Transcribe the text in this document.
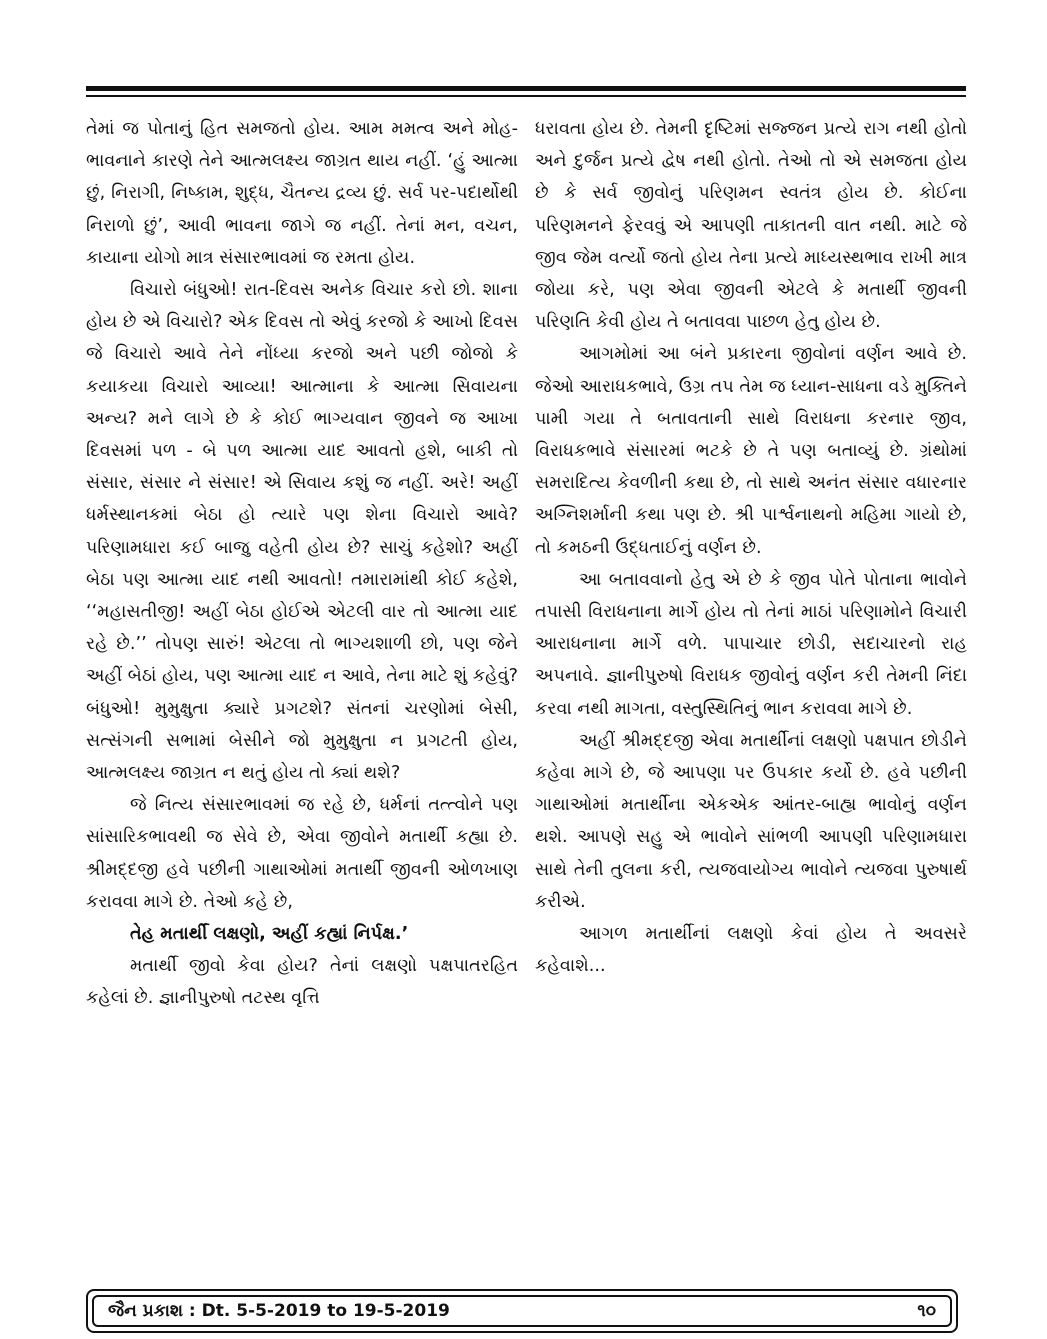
તેમાં જ પોતાનું હિત સમજતો હોય. આમ મમત્વ અને મોહ-ભાવનાને કારણે તેને આત્મલક્ષ્ય જાગ્રત થાય નહીં. ‘હું આત્મા છું, નિરાગી, નિષ્કામ, શુદ્ધ, ચૈતન્ય દ્રવ્ય છું. સર્વ પર-પદાર્થોથી નિરાળો છું’, આવી ભાવના જાગે જ નહીં. તેનાં મન, વચન, કાયાના યોગો માત્ર સંસારભાવમાં જ રમતા હોય.

વિચારો બંધુઓ! રાત-દિવસ અનેક વિચાર કરો છો. શાના હોય છે એ વિચારો? એક દિવસ તો એવું કરજો કે આખો દિવસ જે વિચારો આવે તેને નોંધ્યા કરજો અને પછી જોજો કે કયાકયા વિચારો આવ્યા! આત્માના કે આત્મા સિવાયના અન્ય? મને લાગે છે કે કોઈ ભાગ્યવાન જીવને જ આખા દિવસમાં પળ - બે પળ આત્મા યાદ આવતો હશે, બાકી તો સંસાર, સંસાર ને સંસાર! એ સિવાય કશું જ નહીં. અરે! અહીં ધર્મસ્થાનકમાં બેઠા હો ત્યારે પણ શેના વિચારો આવે? પરિણામધારા કઈ બાજુ વહેતી હોય છે? સાચું કહેશો? અહીં બેઠા પણ આત્મા યાદ નથી આવતો! તમારામાંથી કોઈ કહેશે, ‘‘મહાસતીજી! અહીં બેઠા હોઈએ એટલી વાર તો આત્મા યાદ રહે છે.’’ તોપણ સારું! એટલા તો ભાગ્યશાળી છો, પણ જેને અહીં બેઠાં હોય, પણ આત્મા યાદ ન આવે, તેના માટે શું કહેવું? બંધુઓ! મુમુક્ષુતા ક્યારે પ્રગટશે? સંતનાં ચરણોમાં બેસી, સત્સંગની સભામાં બેસીને જો મુમુક્ષુતા ન પ્રગટતી હોય, આત્મલક્ષ્ય જાગ્રત ન થતું હોય તો ક્યાં થશે?

જે નિત્ય સંસારભાવમાં જ રહે છે, ધર્મનાં તત્ત્વોને પણ સાંસારિકભાવથી જ સેવે છે, એવા જીવોને મતાર્થી કહ્યા છે. શ્રીમદ્દજી હવે પછીની ગાથાઓમાં મતાર્થી જીવની ઓળખાણ કરાવવા માગે છે. તેઓ કહે છે,

તેહ મતાર્થી લક્ષણો, અહીં કહ્યાં નિર્પક્ષ.’

મતાર્થી જીવો કેવા હોય? તેનાં લક્ષણો પક્ષપાતરહિત કહેલાં છે. જ્ઞાનીપુરુષો તટસ્થ વૃત્તિ

ધરાવતા હોય છે. તેમની દૃષ્ટિમાં સજ્જન પ્રત્યે રાગ નથી હોતો અને દુર્જન પ્રત્યે દ્વેષ નથી હોતો. તેઓ તો એ સમજતા હોય છે કે સર્વ જીવોનું પરિણમન સ્વતંત્ર હોય છે. કોઈના પરિણમનને ફેરવવું એ આપણી તાકાતની વાત નથી. માટે જે જીવ જેમ વર્ત્યો જતો હોય તેના પ્રત્યે માધ્યસ્થભાવ રાખી માત્ર જોયા કરે, પણ એવા જીવની એટલે કે મતાર્થી જીવની પરિણતિ કેવી હોય તે બતાવવા પાછળ હેતુ હોય છે.

આગમોમાં આ બંને પ્રકારના જીવોનાં વર્ણન આવે છે. જેઓ આરાધકભાવે, ઉગ્ર તપ તેમ જ ધ્યાન-સાધના વડે મુક્તિને પામી ગયા તે બતાવતાની સાથે વિરાધના કરનાર જીવ, વિરાધકભાવે સંસારમાં ભટકે છે તે પણ બતાવ્યું છે. ગ્રંથોમાં સમરાદિત્ય કેવળીની કથા છે, તો સાથે અનંત સંસાર વધારનાર અગ્નિશર્માની કથા પણ છે. શ્રી પાર્શ્વનાથનો મહિમા ગાયો છે, તો કમઠની ઉદ્ધતાઈનું વર્ણન છે.

આ બતાવવાનો હેતુ એ છે કે જીવ પોતે પોતાના ભાવોને તપાસી વિરાધનાના માર્ગે હોય તો તેનાં માઠાં પરિણામોને વિચારી આરાધનાના માર્ગે વળે. પાપાચાર છોડી, સદાચારનો રાહ અપનાવે. જ્ઞાનીપુરુષો વિરાધક જીવોનું વર્ણન કરી તેમની નિંદા કરવા નથી માગતા, વસ્તુસ્થિતિનું ભાન કરાવવા માગે છે.

અહીં શ્રીમદ્દજી એવા મતાર્થીનાં લક્ષણો પક્ષપાત છોડીને કહેવા માગે છે, જે આપણા પર ઉપકાર કર્યો છે. હવે પછીની ગાથાઓમાં મતાર્થીના એકએક આંતર-બાહ્ય ભાવોનું વર્ણન થશે. આપણે સહુ એ ભાવોને સાંભળી આપણી પરિણામધારા સાથે તેની તુલના કરી, ત્યજવાયોગ્ય ભાવોને ત્યજવા પુરુષાર્થ કરીએ.

આગળ મતાર્થીનાં લક્ષણો કેવાં હોય તે અવસરે કહેવાશે...

જૈન પ્રકાશ : Dt. 5-5-2019 to 19-5-2019	૧૦
